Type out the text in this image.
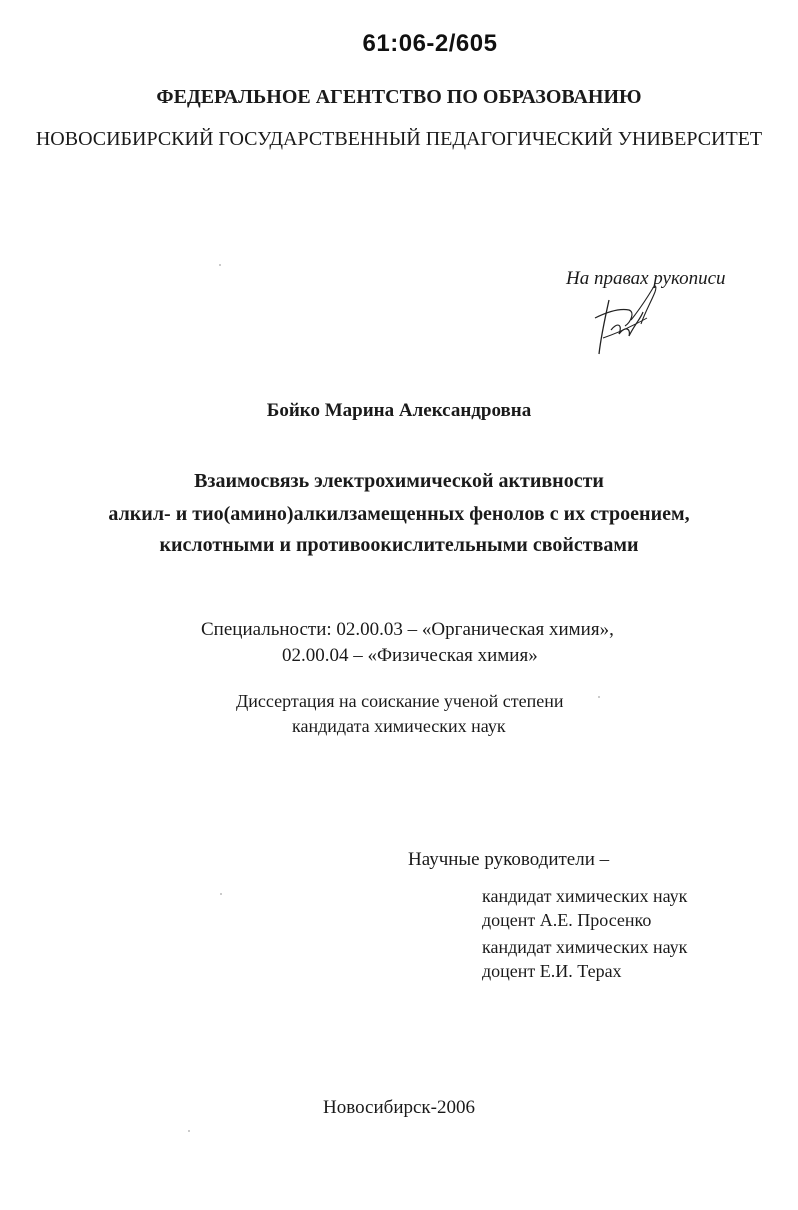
61:06-2/605
ФЕДЕРАЛЬНОЕ АГЕНТСТВО ПО ОБРАЗОВАНИЮ
НОВОСИБИРСКИЙ ГОСУДАРСТВЕННЫЙ ПЕДАГОГИЧЕСКИЙ УНИВЕРСИТЕТ
На правах рукописи
Бойко Марина Александровна
Взаимосвязь электрохимической активности
алкил- и тио(амино)алкилзамещенных фенолов с их строением,
кислотными и противоокислительными свойствами
Специальности: 02.00.03 – «Органическая химия»,
02.00.04 – «Физическая химия»
Диссертация на соискание ученой степени
кандидата химических наук
Научные руководители –
кандидат химических наук
доцент А.Е. Просенко
кандидат химических наук
доцент Е.И. Терах
Новосибирск-2006
